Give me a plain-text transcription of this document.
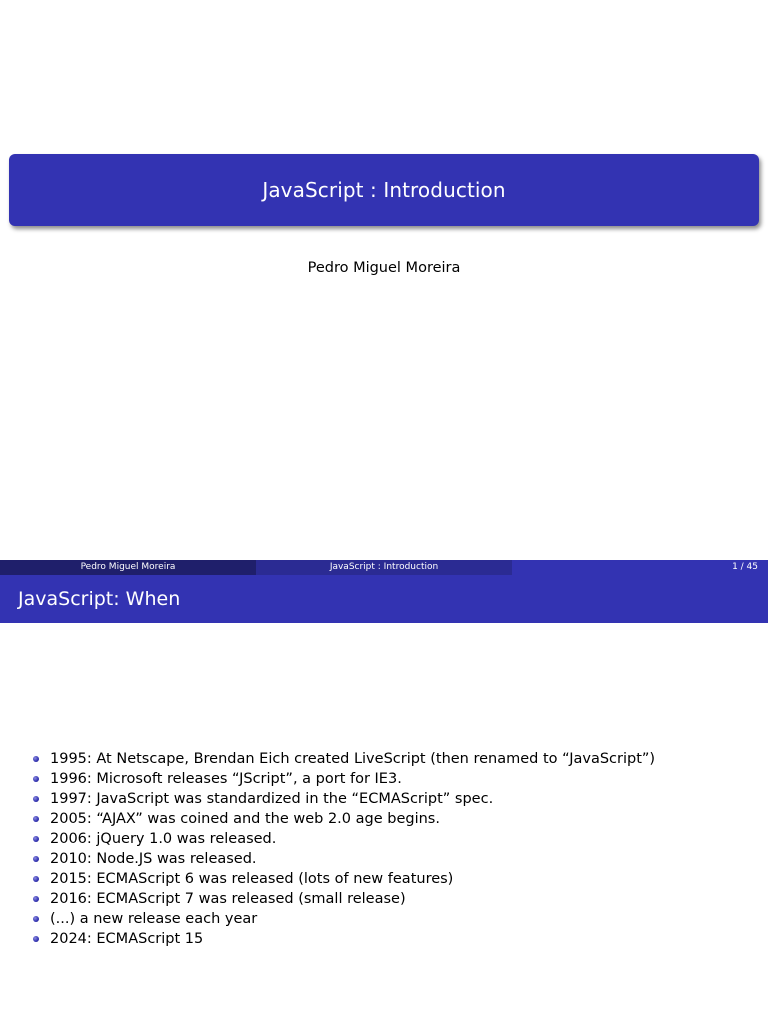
JavaScript : Introduction
Pedro Miguel Moreira
Pedro Miguel Moreira	JavaScript : Introduction	1 / 45
JavaScript: When
1995: At Netscape, Brendan Eich created LiveScript (then renamed to “JavaScript”)
1996: Microsoft releases “JScript”, a port for IE3.
1997: JavaScript was standardized in the “ECMAScript” spec.
2005: “AJAX” was coined and the web 2.0 age begins.
2006: jQuery 1.0 was released.
2010: Node.JS was released.
2015: ECMAScript 6 was released (lots of new features)
2016: ECMAScript 7 was released (small release)
(...) a new release each year
2024: ECMAScript 15
